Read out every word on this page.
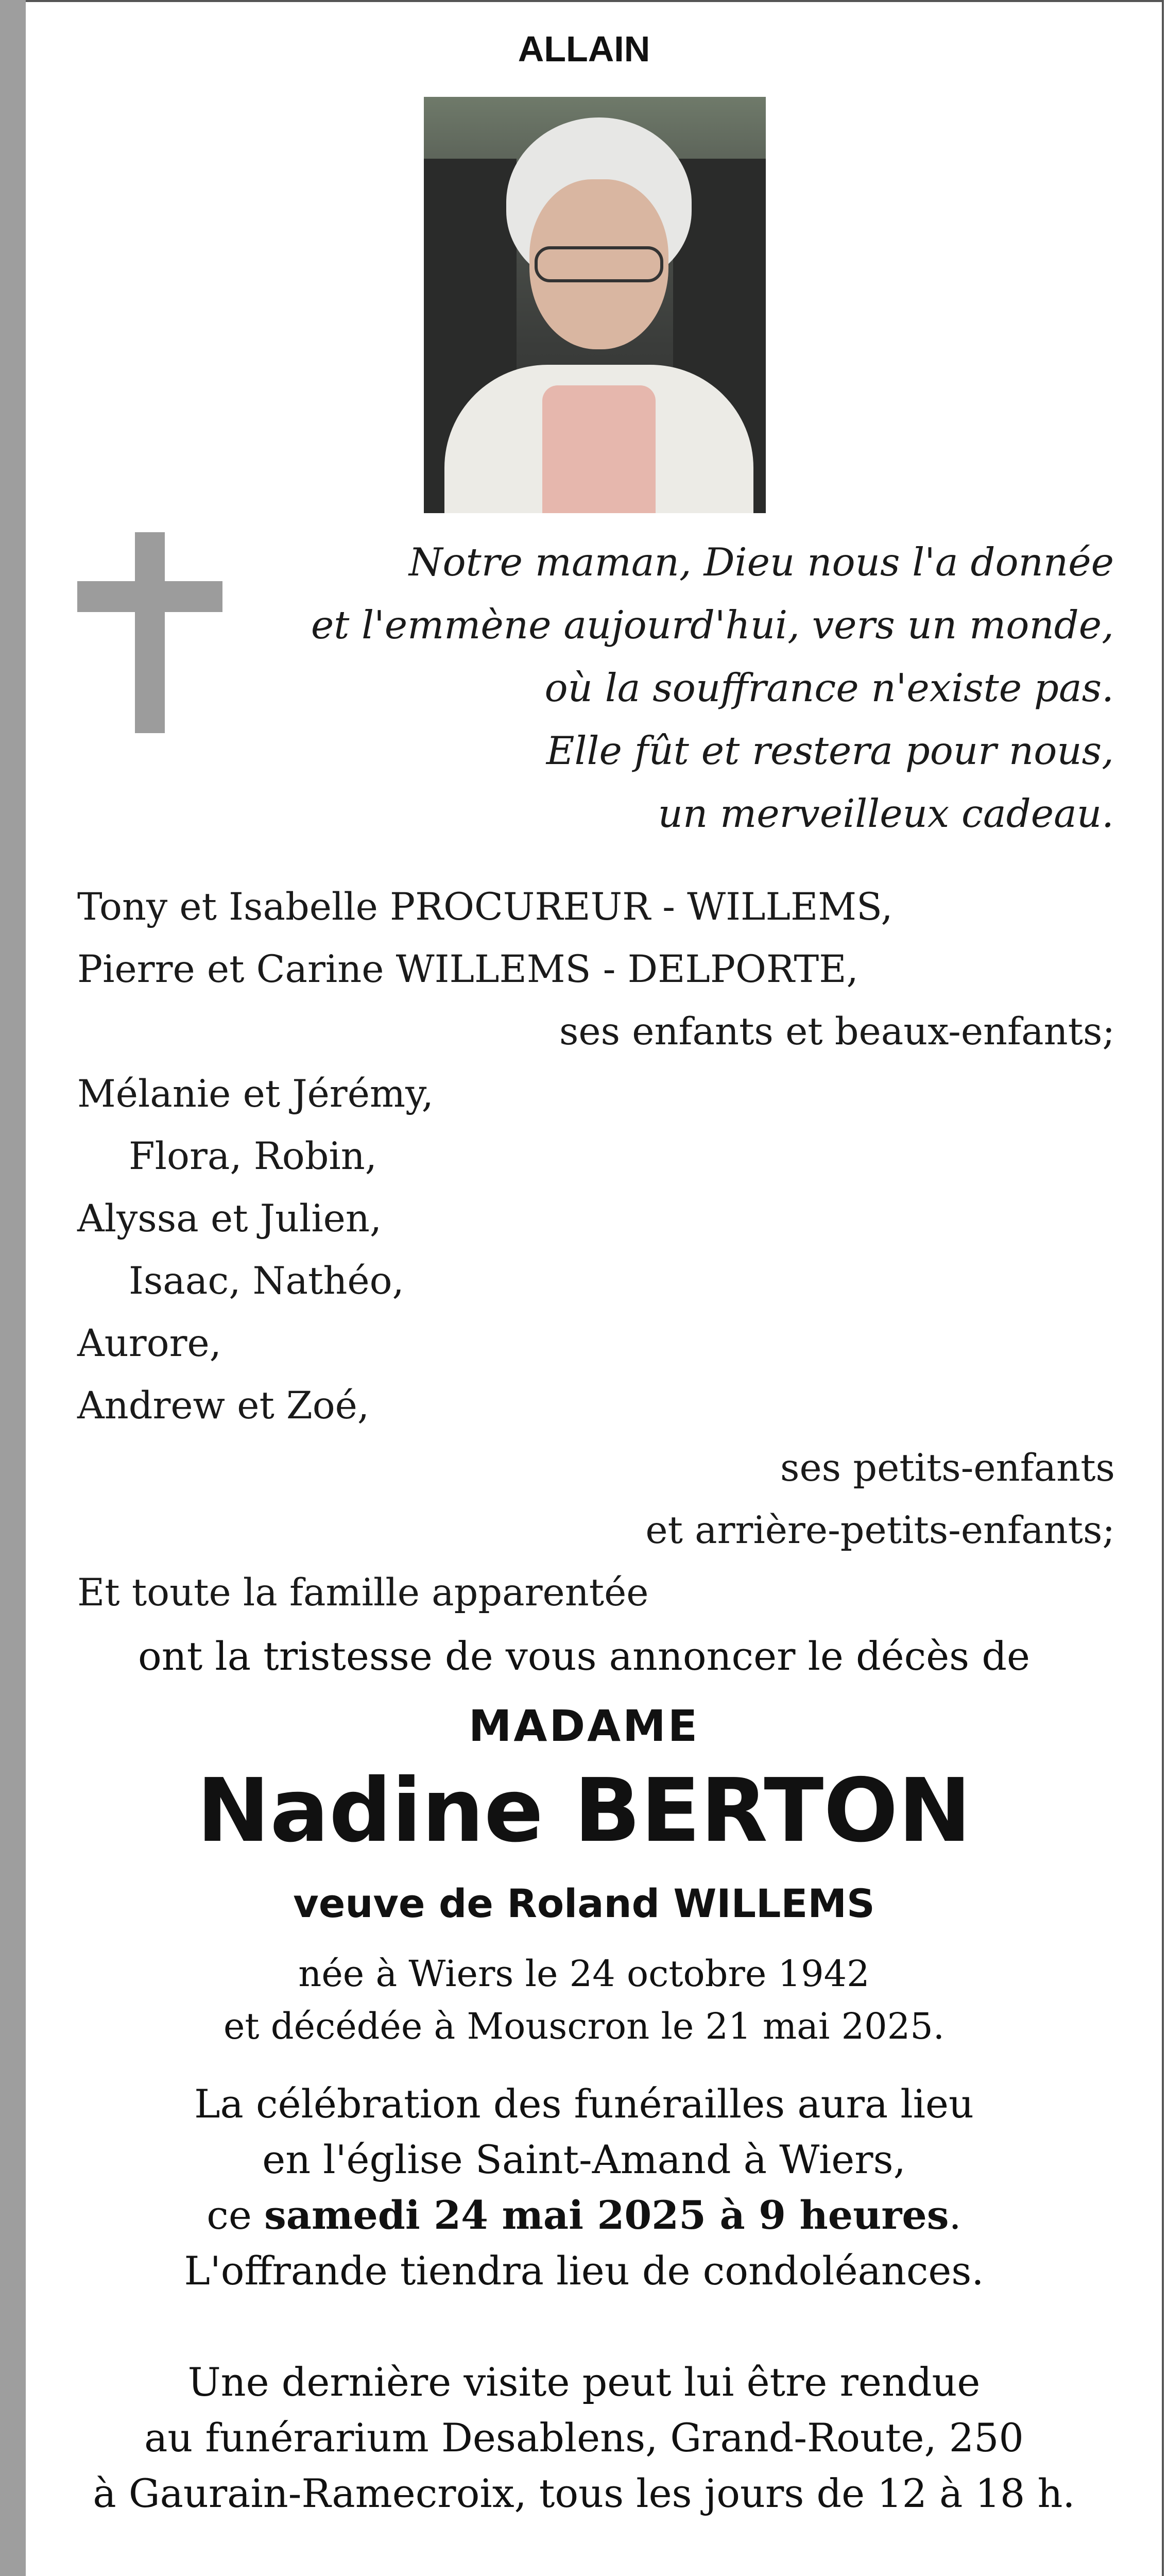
ALLAIN
Notre maman, Dieu nous l'a donnée
et l'emmène aujourd'hui, vers un monde,
où la souffrance n'existe pas.
Elle fût et restera pour nous,
un merveilleux cadeau.
Tony et Isabelle PROCUREUR - WILLEMS,
Pierre et Carine WILLEMS - DELPORTE,
ses enfants et beaux-enfants;
Mélanie et Jérémy,
Flora, Robin,
Alyssa et Julien,
Isaac, Nathéo,
Aurore,
Andrew et Zoé,
ses petits-enfants
et arrière-petits-enfants;
Et toute la famille apparentée
ont la tristesse de vous annoncer le décès de
MADAME
Nadine BERTON
veuve de Roland WILLEMS
née à Wiers le 24 octobre 1942
et décédée à Mouscron le 21 mai 2025.
La célébration des funérailles aura lieu
en l'église Saint-Amand à Wiers,
ce samedi 24 mai 2025 à 9 heures.
L'offrande tiendra lieu de condoléances.
Une dernière visite peut lui être rendue
au funérarium Desablens, Grand-Route, 250
à Gaurain-Ramecroix, tous les jours de 12 à 18 h.
